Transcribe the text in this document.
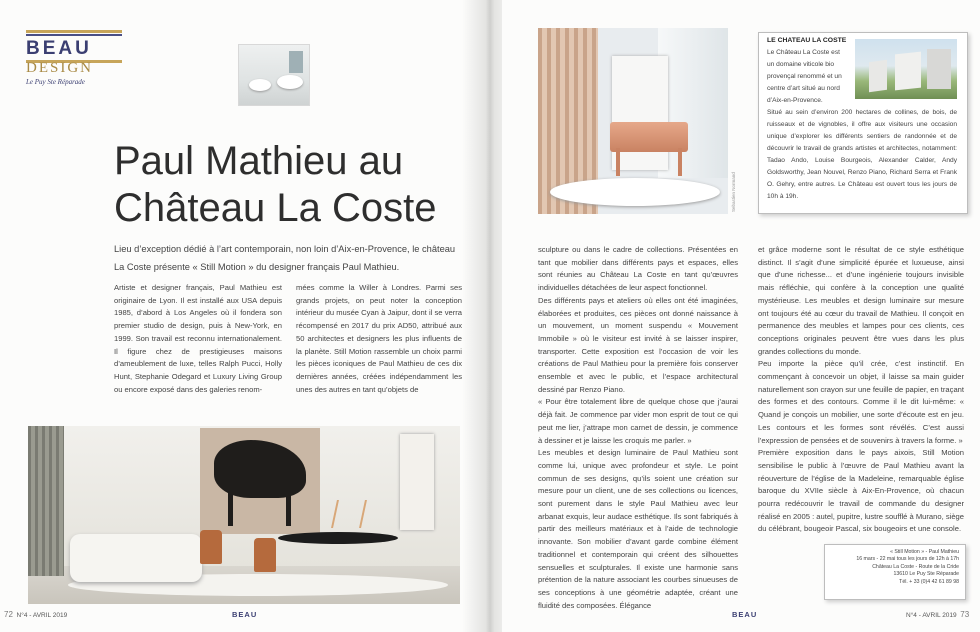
BEAU
DESIGN
Le Puy Ste Réparade
Paul Mathieu au
Château La Coste

Lieu d’exception dédié à l’art contemporain, non loin d’Aix-en-Provence, le château La Coste présente « Still Motion » du designer français Paul Mathieu.

Artiste et designer français, Paul Mathieu est originaire de Lyon. Il est installé aux USA depuis 1985, d’abord à Los Angeles où il fondera son premier studio de design, puis à New-York, en 1999. Son travail est reconnu internationalement. Il figure chez de prestigieuses maisons d’ameublement de luxe, telles Ralph Pucci, Holly Hunt, Stephanie Odegard et Luxury Living Group ou encore exposé dans des galeries renom-

mées comme la Willer à Londres. Parmi ses grands projets, on peut noter la conception intérieur du musée Cyan à Jaipur, dont il se verra récompensé en 2017 du prix AD50, attribué aux 50 architectes et designers les plus influents de la planète. Still Motion rassemble un choix parmi les pièces iconiques de Paul Mathieu de ces dix dernières années, créées indépendamment les unes des autres en tant qu’objets de

72 N°4 - AVRIL 2019	BEAU
Sebastien Normand
LE CHATEAU LA COSTE

Le Château La Coste est un domaine viticole bio provençal renommé et un centre d’art situé au nord d’Aix-en-Provence.

Situé au sein d’environ 200 hectares de collines, de bois, de ruisseaux et de vignobles, il offre aux visiteurs une occasion unique d’explorer les différents sentiers de randonnée et de découvrir le travail de grands artistes et architectes, notamment: Tadao Ando, Louise Bourgeois, Alexander Calder, Andy Goldsworthy, Jean Nouvel, Renzo Piano, Richard Serra et Frank O. Gehry, entre autres. Le Château est ouvert tous les jours de 10h à 19h.

sculpture ou dans le cadre de collections. Présentées en tant que mobilier dans différents pays et espaces, elles sont réunies au Château La Coste en tant qu’œuvres individuelles détachées de leur aspect fonctionnel.

Des différents pays et ateliers où elles ont été imaginées, élaborées et produites, ces pièces ont donné naissance à un mouvement, un moment suspendu « Mouvement Immobile » où le visiteur est invité à se laisser inspirer, transporter. Cette exposition est l’occasion de voir les créations de Paul Mathieu pour la première fois conserver ensemble et avec le public, et l’espace architectural dessiné par Renzo Piano.

« Pour être totalement libre de quelque chose que j’aurai déjà fait. Je commence par vider mon esprit de tout ce qui peut me lier, j’attrape mon carnet de dessin, je commence à dessiner et je laisse les croquis me parler. »

Les meubles et design luminaire de Paul Mathieu sont comme lui, unique avec profondeur et style. Le point commun de ses designs, qu’ils soient une création sur mesure pour un client, une de ses collections ou licences, sont purement dans le style Paul Mathieu avec leur arbanat exquis, leur audace esthétique. Ils sont fabriqués à partir des meilleurs matériaux et à l’aide de technologie innovante. Son mobilier d’avant garde combine élément traditionnel et contemporain qui créent des silhouettes sensuelles et sculpturales. Il existe une harmonie sans prétention de la nature associant les courbes sinueuses de ses conceptions à une géométrie adaptée, créant une fluidité des composées. Élégance

et grâce moderne sont le résultat de ce style esthétique distinct. Il s’agit d’une simplicité épurée et luxueuse, ainsi que d’une richesse... et d’une ingénierie toujours invisible mais réfléchie, qui confère à la conception une qualité mystérieuse. Les meubles et design luminaire sur mesure ont toujours été au cœur du travail de Mathieu. Il conçoit en permanence des meubles et lampes pour ces clients, ces conceptions originales peuvent être vues dans les plus grandes collections du monde.

Peu importe la pièce qu’il crée, c’est instinctif. En commençant à concevoir un objet, il laisse sa main guider naturellement son crayon sur une feuille de papier, en traçant des formes et des contours. Comme il le dit lui-même: « Quand je conçois un mobilier, une sorte d’écoute est en jeu. Les contours et les formes sont révélés. C’est aussi l’expression de pensées et de souvenirs à travers la forme. »

Première exposition dans le pays aixois, Still Motion sensibilise le public à l’œuvre de Paul Mathieu avant la réouverture de l’église de la Madeleine, remarquable église baroque du XVIIe siècle à Aix-En-Provence, où chacun pourra redécouvrir le travail de commande du designer réalisé en 2005 : autel, pupitre, lustre soufflé à Murano, siège du célébrant, bougeoir Pascal, six bougeoirs et une console.

« Still Motion » - Paul Mathieu
16 mars - 22 mai tous les jours de 12h à 17h
Château La Coste - Route de la Cride
13610 Le Puy Ste Réparade
Tél. + 33 (0)4 42 61 89 98

BEAU	N°4 - AVRIL 2019 73
